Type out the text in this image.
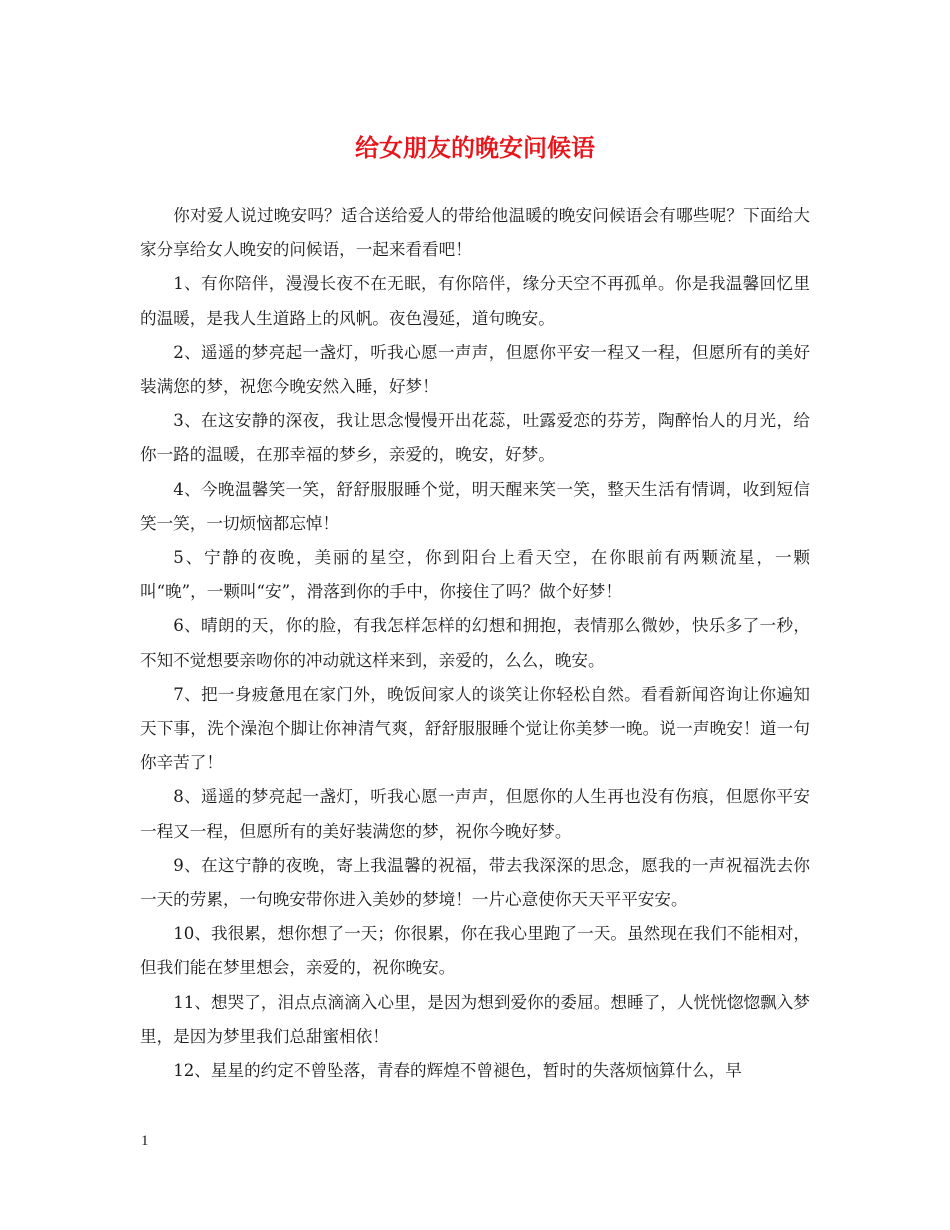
给女朋友的晚安问候语

你对爱人说过晚安吗？适合送给爱人的带给他温暖的晚安问候语会有哪些呢？下面给大家分享给女人晚安的问候语，一起来看看吧！

1、有你陪伴，漫漫长夜不在无眠，有你陪伴，缘分天空不再孤单。你是我温馨回忆里的温暖，是我人生道路上的风帆。夜色漫延，道句晚安。

2、遥遥的梦亮起一盏灯，听我心愿一声声，但愿你平安一程又一程，但愿所有的美好装满您的梦，祝您今晚安然入睡，好梦！

3、在这安静的深夜，我让思念慢慢开出花蕊，吐露爱恋的芬芳，陶醉怡人的月光，给你一路的温暖，在那幸福的梦乡，亲爱的，晚安，好梦。

4、今晚温馨笑一笑，舒舒服服睡个觉，明天醒来笑一笑，整天生活有情调，收到短信笑一笑，一切烦恼都忘悼！

5、宁静的夜晚，美丽的星空，你到阳台上看天空，在你眼前有两颗流星，一颗叫“晚”，一颗叫“安”，滑落到你的手中，你接住了吗？做个好梦！

6、晴朗的天，你的脸，有我怎样怎样的幻想和拥抱，表情那么微妙，快乐多了一秒，不知不觉想要亲吻你的冲动就这样来到，亲爱的，么么，晚安。

7、把一身疲惫甩在家门外，晚饭间家人的谈笑让你轻松自然。看看新闻咨询让你遍知天下事，洗个澡泡个脚让你神清气爽，舒舒服服睡个觉让你美梦一晚。说一声晚安！道一句你辛苦了！

8、遥遥的梦亮起一盏灯，听我心愿一声声，但愿你的人生再也没有伤痕，但愿你平安一程又一程，但愿所有的美好装满您的梦，祝你今晚好梦。

9、在这宁静的夜晚，寄上我温馨的祝福，带去我深深的思念，愿我的一声祝福洗去你一天的劳累，一句晚安带你进入美妙的梦境！一片心意使你天天平平安安。

10、我很累，想你想了一天；你很累，你在我心里跑了一天。虽然现在我们不能相对，但我们能在梦里想会，亲爱的，祝你晚安。

11、想哭了，泪点点滴滴入心里，是因为想到爱你的委屈。想睡了，人恍恍惚惚飘入梦里，是因为梦里我们总甜蜜相依！

12、星星的约定不曾坠落，青春的辉煌不曾褪色，暂时的失落烦恼算什么，早

1
